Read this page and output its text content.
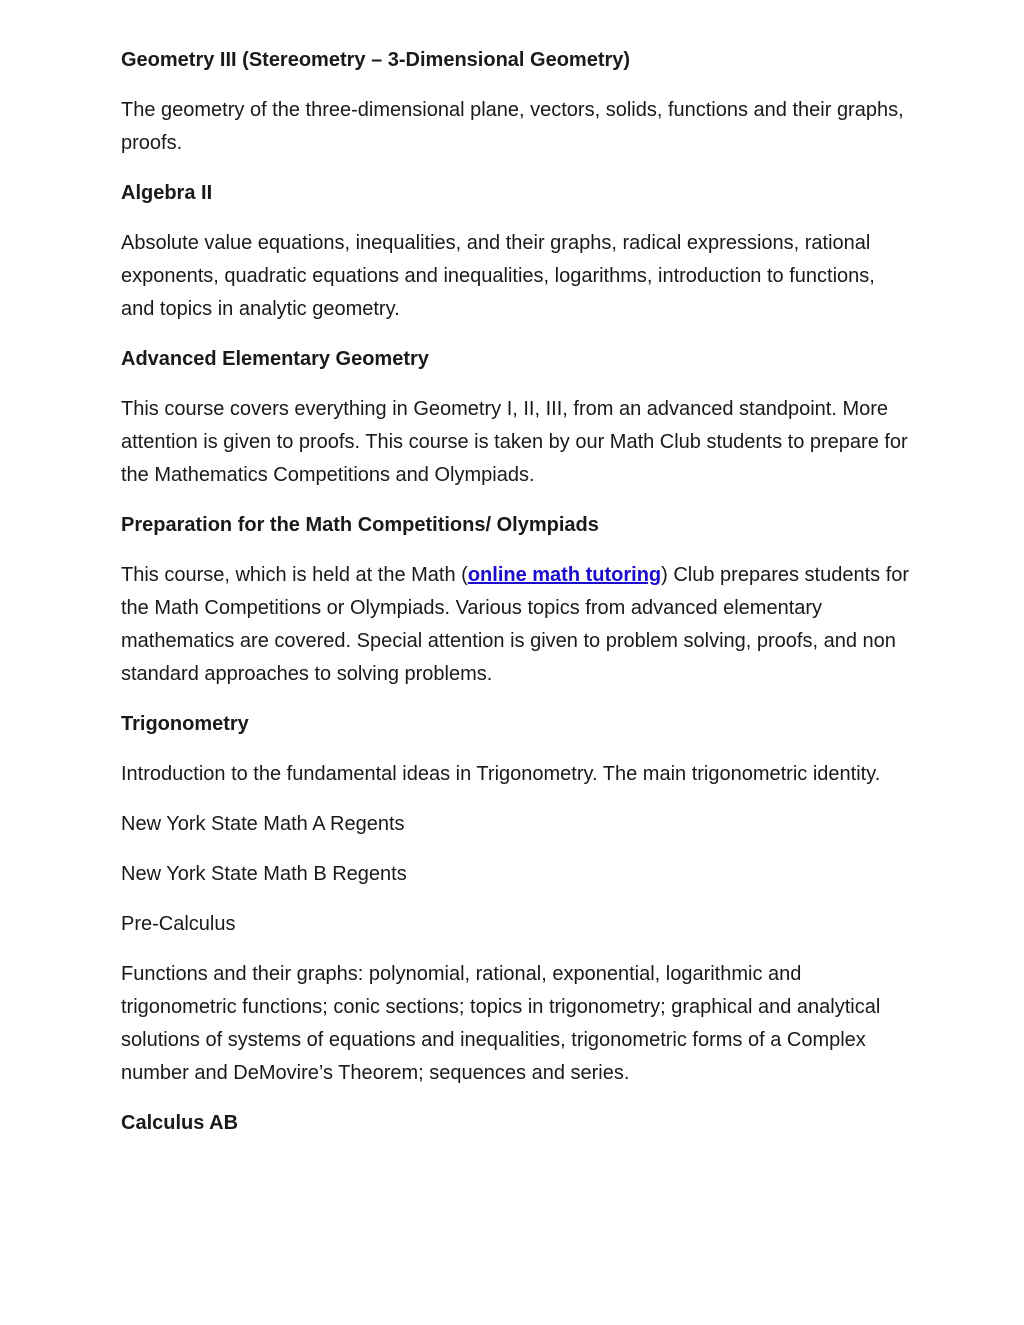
Geometry III (Stereometry – 3-Dimensional Geometry)
The geometry of the three-dimensional plane, vectors, solids, functions and their graphs, proofs.
Algebra II
Absolute value equations, inequalities, and their graphs, radical expressions, rational exponents, quadratic equations and inequalities, logarithms, introduction to functions, and topics in analytic geometry.
Advanced Elementary Geometry
This course covers everything in Geometry I, II, III, from an advanced standpoint. More attention is given to proofs. This course is taken by our Math Club students to prepare for the Mathematics Competitions and Olympiads.
Preparation for the Math Competitions/ Olympiads
This course, which is held at the Math (online math tutoring) Club prepares students for the Math Competitions or Olympiads. Various topics from advanced elementary mathematics are covered. Special attention is given to problem solving, proofs, and non standard approaches to solving problems.
Trigonometry
Introduction to the fundamental ideas in Trigonometry. The main trigonometric identity.
New York State Math A Regents
New York State Math B Regents
Pre-Calculus
Functions and their graphs: polynomial, rational, exponential, logarithmic and trigonometric functions; conic sections; topics in trigonometry; graphical and analytical solutions of systems of equations and inequalities, trigonometric forms of a Complex number and DeMovire’s Theorem; sequences and series.
Calculus AB
